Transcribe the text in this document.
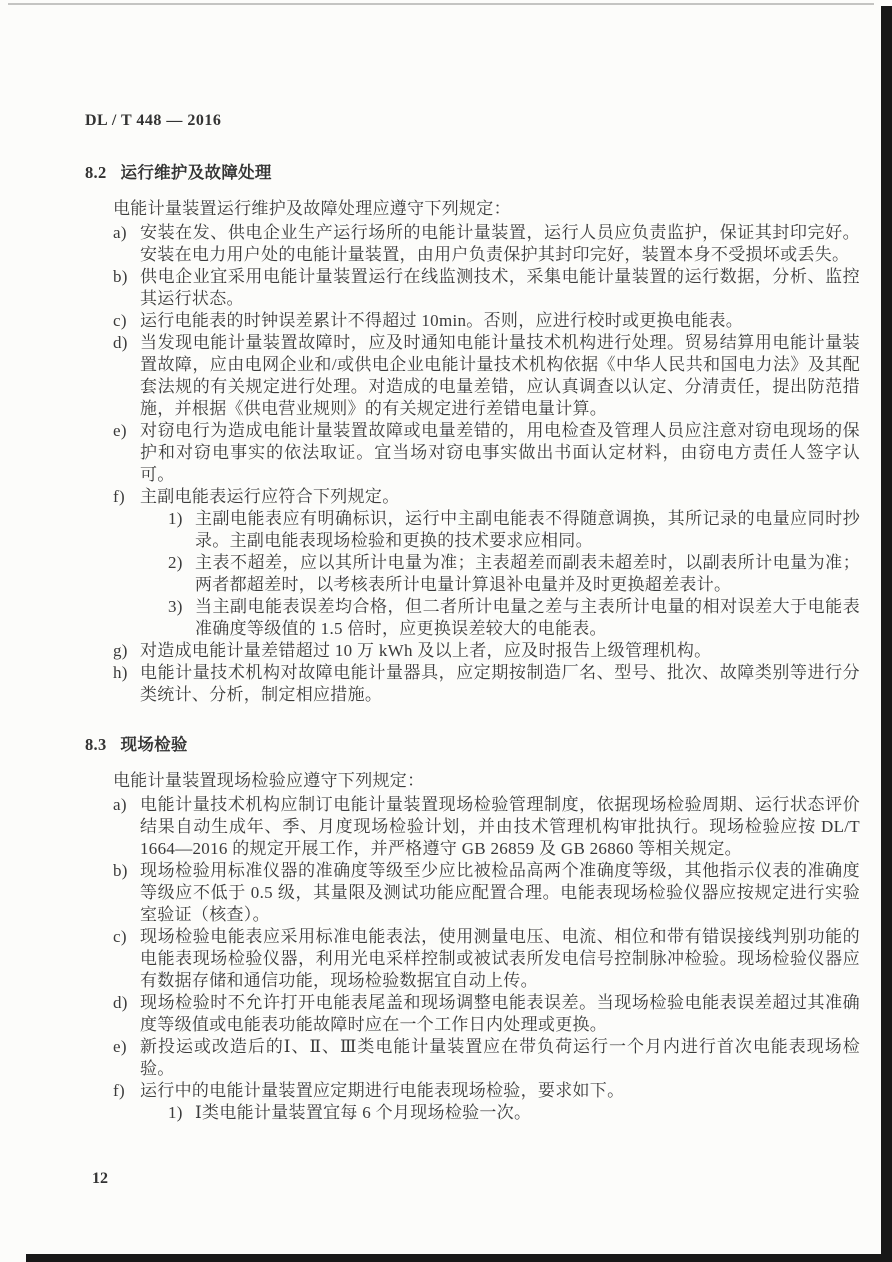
DL / T 448 — 2016
8.2 运行维护及故障处理

电能计量装置运行维护及故障处理应遵守下列规定：

a) 安装在发、供电企业生产运行场所的电能计量装置，运行人员应负责监护，保证其封印完好。安装在电力用户处的电能计量装置，由用户负责保护其封印完好，装置本身不受损坏或丢失。
b) 供电企业宜采用电能计量装置运行在线监测技术，采集电能计量装置的运行数据，分析、监控其运行状态。
c) 运行电能表的时钟误差累计不得超过 10min。否则，应进行校时或更换电能表。
d) 当发现电能计量装置故障时，应及时通知电能计量技术机构进行处理。贸易结算用电能计量装置故障，应由电网企业和/或供电企业电能计量技术机构依据《中华人民共和国电力法》及其配套法规的有关规定进行处理。对造成的电量差错，应认真调查以认定、分清责任，提出防范措施，并根据《供电营业规则》的有关规定进行差错电量计算。
e) 对窃电行为造成电能计量装置故障或电量差错的，用电检查及管理人员应注意对窃电现场的保护和对窃电事实的依法取证。宜当场对窃电事实做出书面认定材料，由窃电方责任人签字认可。
f) 主副电能表运行应符合下列规定。
1) 主副电能表应有明确标识，运行中主副电能表不得随意调换，其所记录的电量应同时抄录。主副电能表现场检验和更换的技术要求应相同。
2) 主表不超差，应以其所计电量为准；主表超差而副表未超差时，以副表所计电量为准；两者都超差时，以考核表所计电量计算退补电量并及时更换超差表计。
3) 当主副电能表误差均合格，但二者所计电量之差与主表所计电量的相对误差大于电能表准确度等级值的 1.5 倍时，应更换误差较大的电能表。
g) 对造成电能计量差错超过 10 万 kWh 及以上者，应及时报告上级管理机构。
h) 电能计量技术机构对故障电能计量器具，应定期按制造厂名、型号、批次、故障类别等进行分类统计、分析，制定相应措施。
8.3 现场检验

电能计量装置现场检验应遵守下列规定：

a) 电能计量技术机构应制订电能计量装置现场检验管理制度，依据现场检验周期、运行状态评价结果自动生成年、季、月度现场检验计划，并由技术管理机构审批执行。现场检验应按 DL/T 1664—2016 的规定开展工作，并严格遵守 GB 26859 及 GB 26860 等相关规定。
b) 现场检验用标准仪器的准确度等级至少应比被检品高两个准确度等级，其他指示仪表的准确度等级应不低于 0.5 级，其量限及测试功能应配置合理。电能表现场检验仪器应按规定进行实验室验证（核查）。
c) 现场检验电能表应采用标准电能表法，使用测量电压、电流、相位和带有错误接线判别功能的电能表现场检验仪器，利用光电采样控制或被试表所发电信号控制脉冲检验。现场检验仪器应有数据存储和通信功能，现场检验数据宜自动上传。
d) 现场检验时不允许打开电能表尾盖和现场调整电能表误差。当现场检验电能表误差超过其准确度等级值或电能表功能故障时应在一个工作日内处理或更换。
e) 新投运或改造后的Ⅰ、Ⅱ、Ⅲ类电能计量装置应在带负荷运行一个月内进行首次电能表现场检验。
f) 运行中的电能计量装置应定期进行电能表现场检验，要求如下。
1) Ⅰ类电能计量装置宜每 6 个月现场检验一次。
12
